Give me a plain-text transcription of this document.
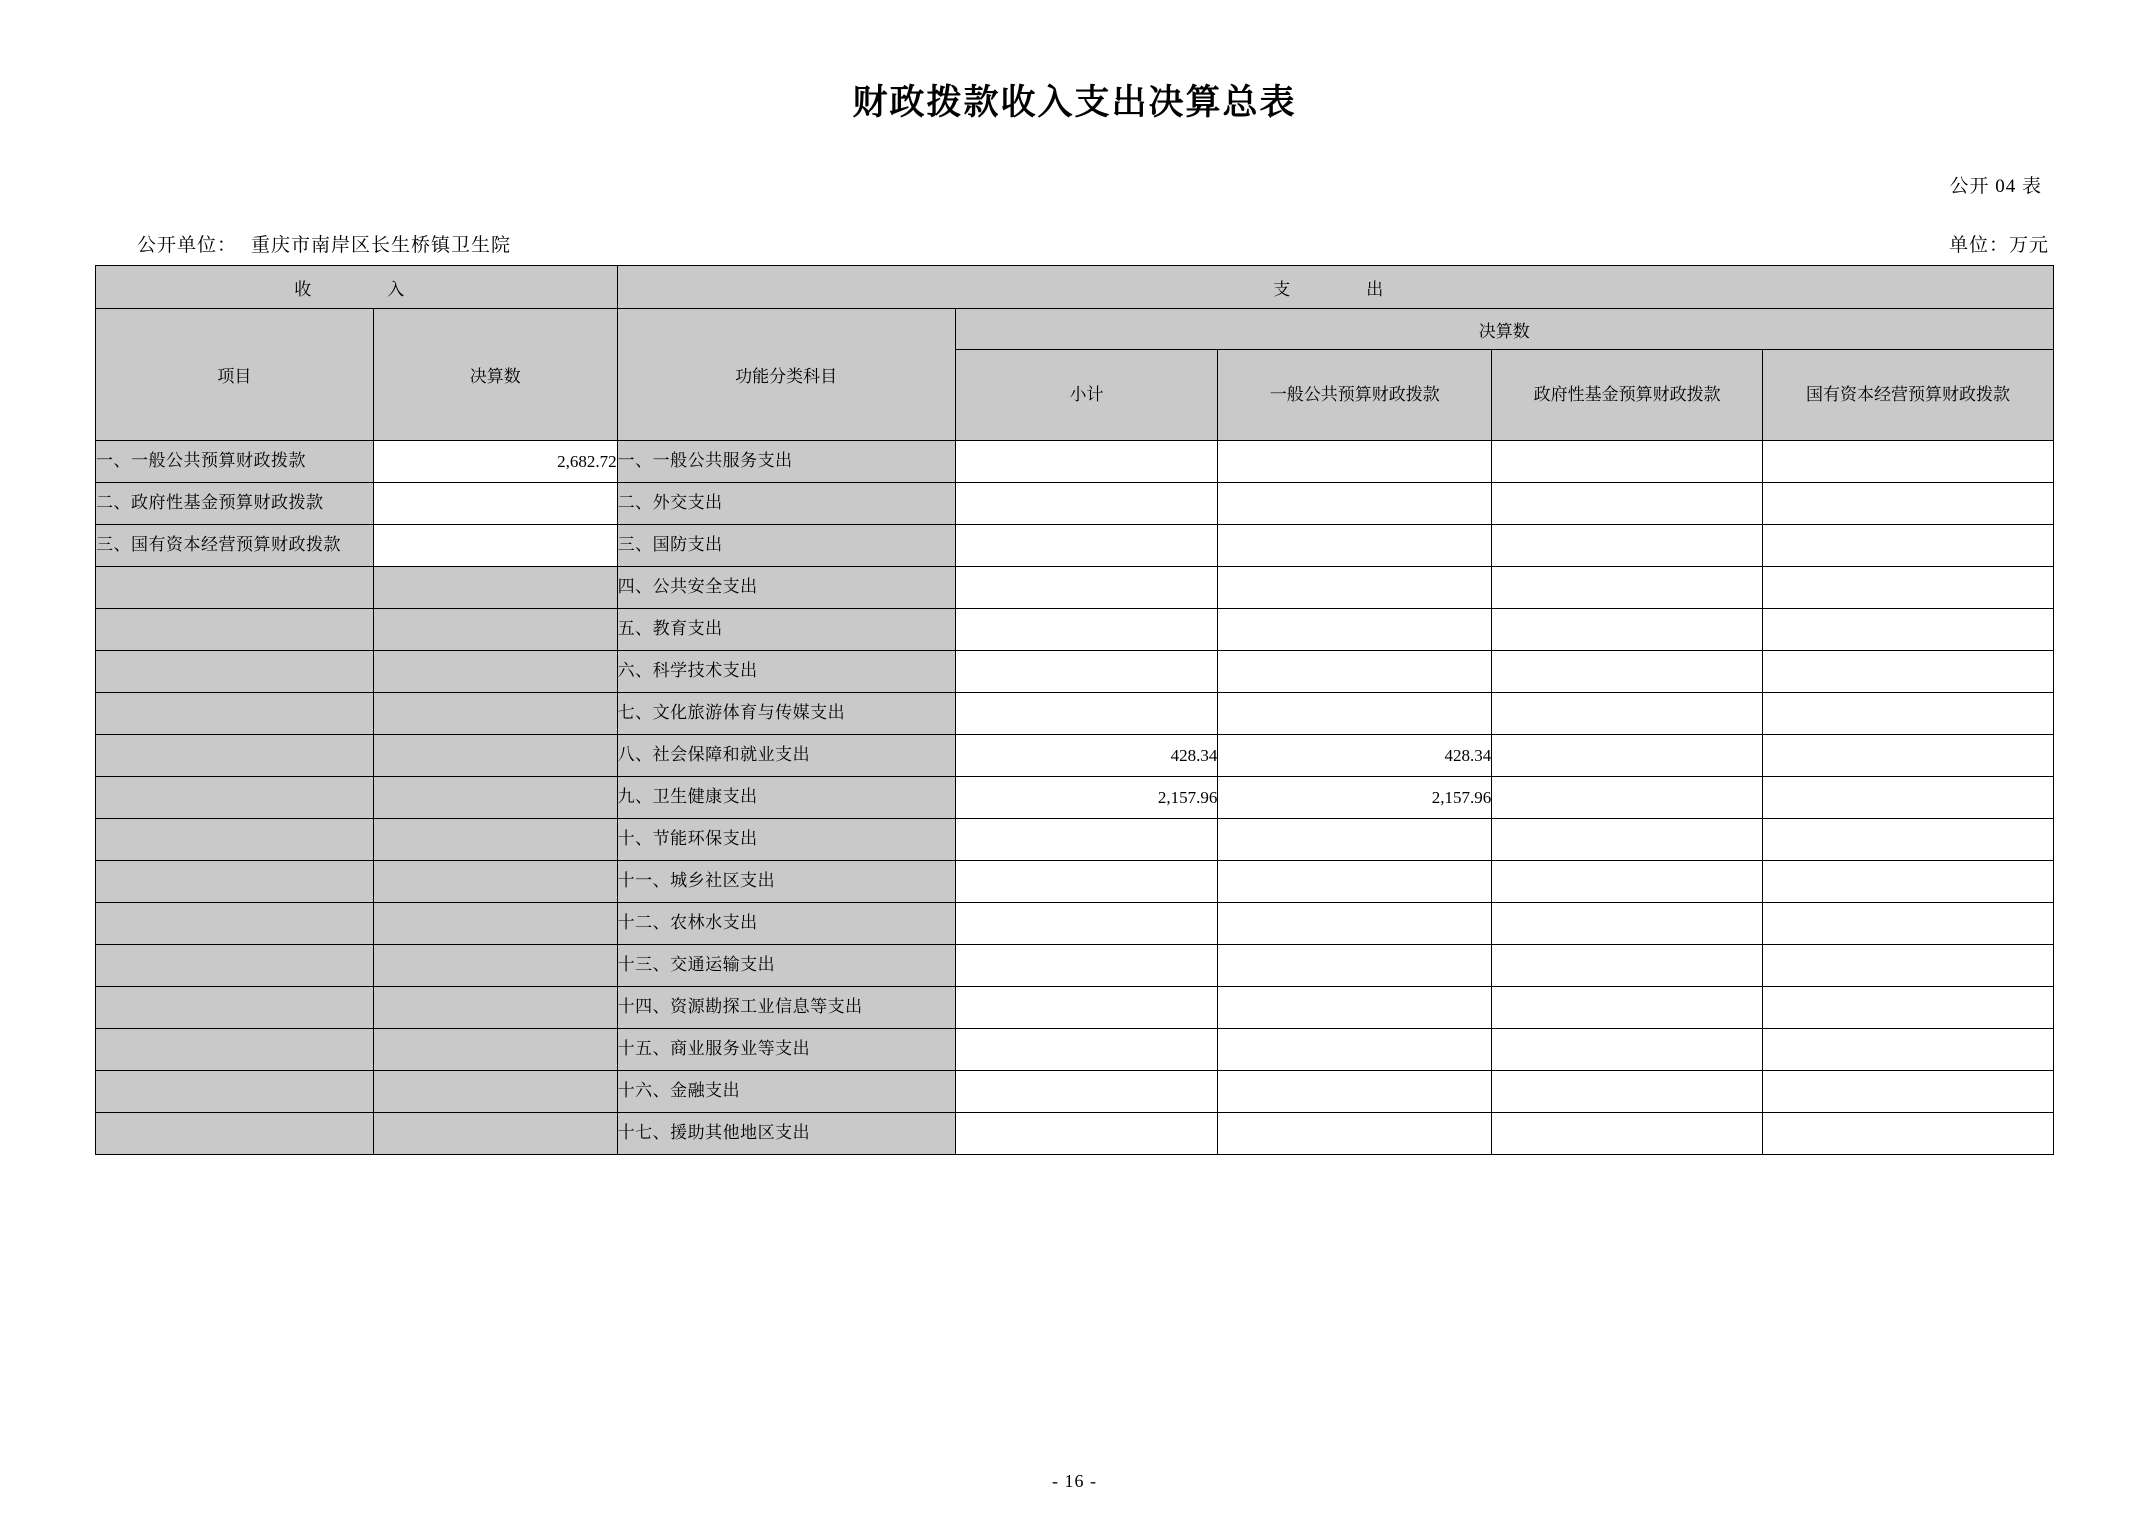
财政拨款收入支出决算总表
公开 04 表
公开单位： 重庆市南岸区长生桥镇卫生院	单位：万元
收　　入		支　　出				
项目	决算数	功能分类科目	决算数			
			小计	一般公共预算财政拨款	政府性基金预算财政拨款	国有资本经营预算财政拨款
一、一般公共预算财政拨款	2,682.72	一、一般公共服务支出				
二、政府性基金预算财政拨款		二、外交支出				
三、国有资本经营预算财政拨款		三、国防支出				
		四、公共安全支出				
		五、教育支出				
		六、科学技术支出				
		七、文化旅游体育与传媒支出				
		八、社会保障和就业支出	428.34	428.34		
		九、卫生健康支出	2,157.96	2,157.96		
		十、节能环保支出				
		十一、城乡社区支出				
		十二、农林水支出				
		十三、交通运输支出				
		十四、资源勘探工业信息等支出				
		十五、商业服务业等支出				
		十六、金融支出				
		十七、援助其他地区支出				
- 16 -
